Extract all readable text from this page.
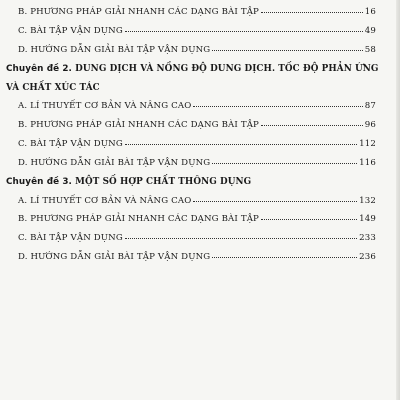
B. PHƯƠNG PHÁP GIẢI NHANH CÁC DẠNG BÀI TẬP	16
C. BÀI TẬP VẬN DỤNG	49
D. HƯỚNG DẪN GIẢI BÀI TẬP VẬN DỤNG	58
Chuyên đề 2. DUNG DỊCH VÀ NỒNG ĐỘ DUNG DỊCH. TỐC ĐỘ PHẢN ỨNG
VÀ CHẤT XÚC TÁC
A. LÍ THUYẾT CƠ BẢN VÀ NÂNG CAO	87
B. PHƯƠNG PHÁP GIẢI NHANH CÁC DẠNG BÀI TẬP	96
C. BÀI TẬP VẬN DỤNG	112
D. HƯỚNG DẪN GIẢI BÀI TẬP VẬN DỤNG	116
Chuyên đề 3. MỘT SỐ HỢP CHẤT THÔNG DỤNG
A. LÍ THUYẾT CƠ BẢN VÀ NÂNG CAO	132
B. PHƯƠNG PHÁP GIẢI NHANH CÁC DẠNG BÀI TẬP	149
C. BÀI TẬP VẬN DỤNG	233
D. HƯỚNG DẪN GIẢI BÀI TẬP VẬN DỤNG	236
